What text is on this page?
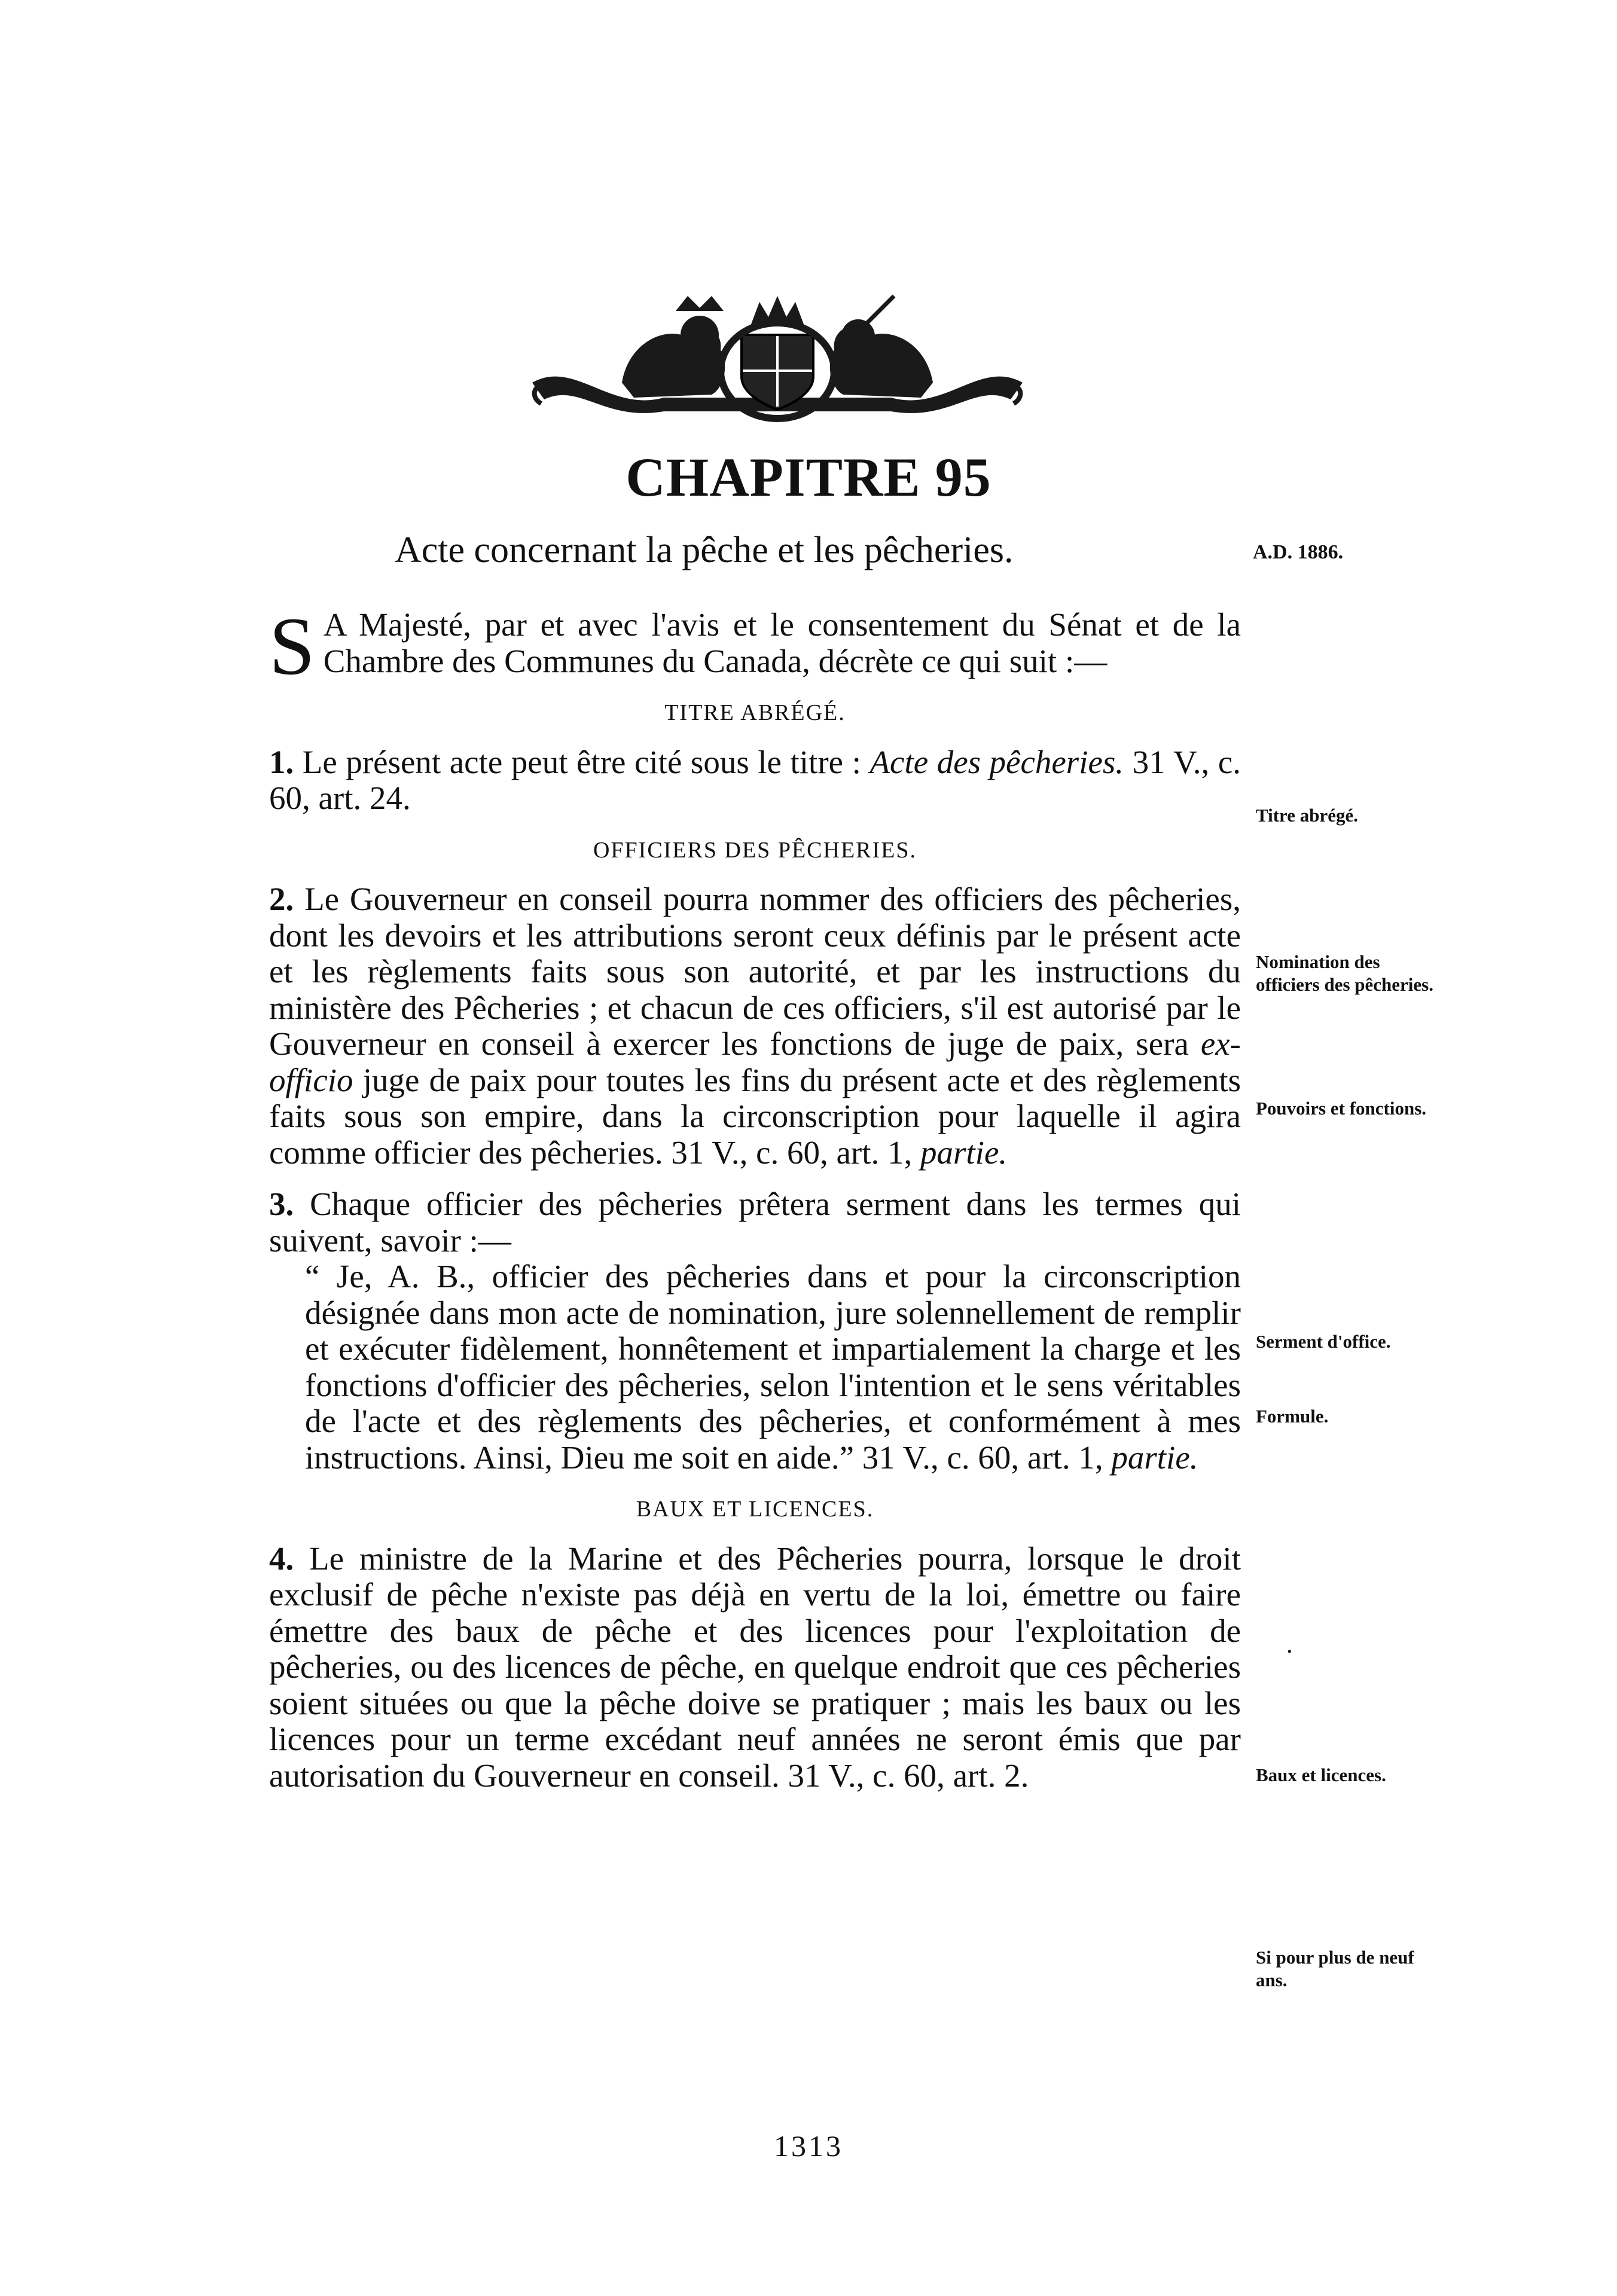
CHAPITRE 95
Acte concernant la pêche et les pêcheries.	A.D. 1886.

S A Majesté, par et avec l'avis et le consentement du Sénat et de la Chambre des Communes du Canada, décrète ce qui suit :—

TITRE ABRÉGÉ.

1. Le présent acte peut être cité sous le titre : Acte des pêcheries. 31 V., c. 60, art. 24.

OFFICIERS DES PÊCHERIES.

2. Le Gouverneur en conseil pourra nommer des officiers des pêcheries, dont les devoirs et les attributions seront ceux définis par le présent acte et les règlements faits sous son autorité, et par les instructions du ministère des Pêcheries ; et chacun de ces officiers, s'il est autorisé par le Gouverneur en conseil à exercer les fonctions de juge de paix, sera ex-officio juge de paix pour toutes les fins du présent acte et des règlements faits sous son empire, dans la circonscription pour laquelle il agira comme officier des pêcheries. 31 V., c. 60, art. 1, partie.

3. Chaque officier des pêcheries prêtera serment dans les termes qui suivent, savoir :—

“ Je, A. B., officier des pêcheries dans et pour la circonscription désignée dans mon acte de nomination, jure solennellement de remplir et exécuter fidèlement, honnêtement et impartialement la charge et les fonctions d'officier des pêcheries, selon l'intention et le sens véritables de l'acte et des règlements des pêcheries, et conformément à mes instructions. Ainsi, Dieu me soit en aide.” 31 V., c. 60, art. 1, partie.

BAUX ET LICENCES.

4. Le ministre de la Marine et des Pêcheries pourra, lorsque le droit exclusif de pêche n'existe pas déjà en vertu de la loi, émettre ou faire émettre des baux de pêche et des licences pour l'exploitation de pêcheries, ou des licences de pêche, en quelque endroit que ces pêcheries soient situées ou que la pêche doive se pratiquer ; mais les baux ou les licences pour un terme excédant neuf années ne seront émis que par autorisation du Gouverneur en conseil. 31 V., c. 60, art. 2.

Titre abrégé.
Nomination des officiers des pêcheries.
Pouvoirs et fonctions.
Serment d'office.
Formule.
·
Baux et licences.
Si pour plus de neuf ans.
1313
